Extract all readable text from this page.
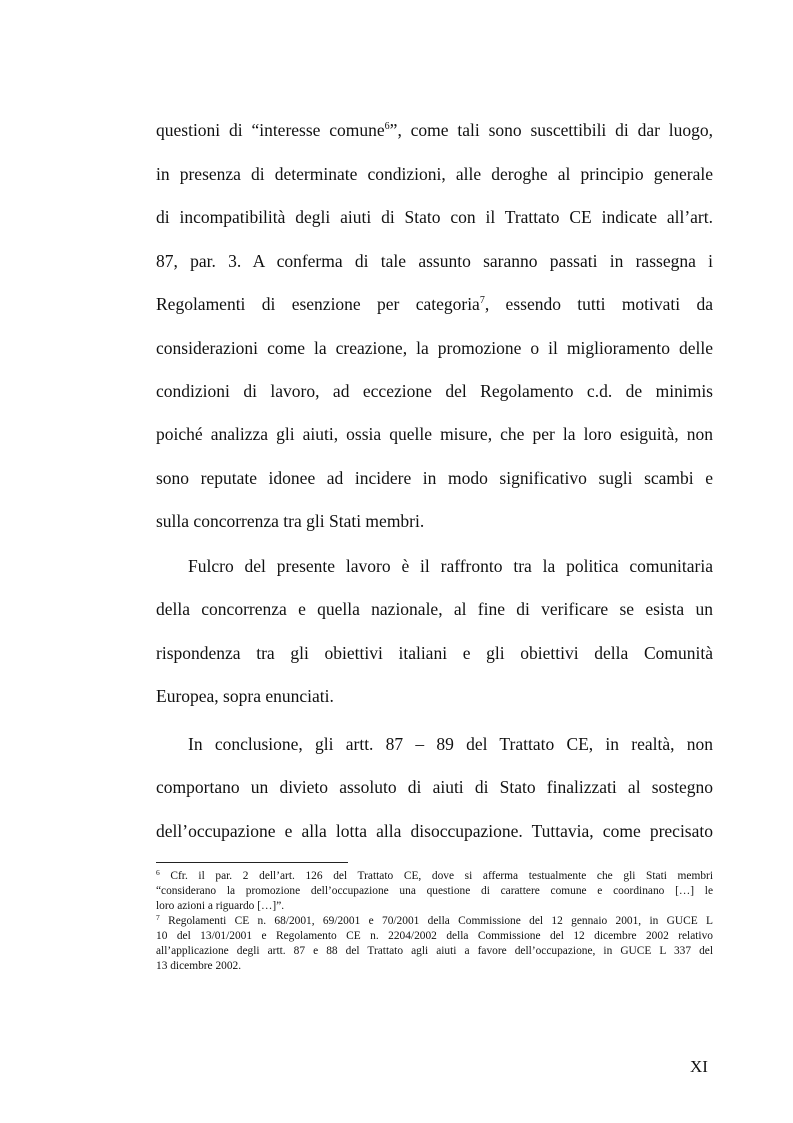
questioni di “interesse comune$^6$”, come tali sono suscettibili di dar luogo,
in presenza di determinate condizioni, alle deroghe al principio generale
di incompatibilità degli aiuti di Stato con il Trattato CE indicate all’art.
87, par. 3. A conferma di tale assunto saranno passati in rassegna i
Regolamenti di esenzione per categoria$^7$, essendo tutti motivati da
considerazioni come la creazione, la promozione o il miglioramento delle
condizioni di lavoro, ad eccezione del Regolamento c.d. de minimis
poiché analizza gli aiuti, ossia quelle misure, che per la loro esiguità, non
sono reputate idonee ad incidere in modo significativo sugli scambi e
sulla concorrenza tra gli Stati membri.
Fulcro del presente lavoro è il raffronto tra la politica comunitaria
della concorrenza e quella nazionale, al fine di verificare se esista un
rispondenza tra gli obiettivi italiani e gli obiettivi della Comunità
Europea, sopra enunciati.
In conclusione, gli artt. 87 – 89 del Trattato CE, in realtà, non
comportano un divieto assoluto di aiuti di Stato finalizzati al sostegno
dell’occupazione e alla lotta alla disoccupazione. Tuttavia, come precisato
$^6$ Cfr. il par. 2 dell’art. 126 del Trattato CE, dove si afferma testualmente che gli Stati membri
“considerano la promozione dell’occupazione una questione di carattere comune e coordinano […] le
loro azioni a riguardo […]”.
$^7$ Regolamenti CE n. 68/2001, 69/2001 e 70/2001 della Commissione del 12 gennaio 2001, in GUCE L
10 del 13/01/2001 e Regolamento CE n. 2204/2002 della Commissione del 12 dicembre 2002 relativo
all’applicazione degli artt. 87 e 88 del Trattato agli aiuti a favore dell’occupazione, in GUCE L 337 del
13 dicembre 2002.
XI
